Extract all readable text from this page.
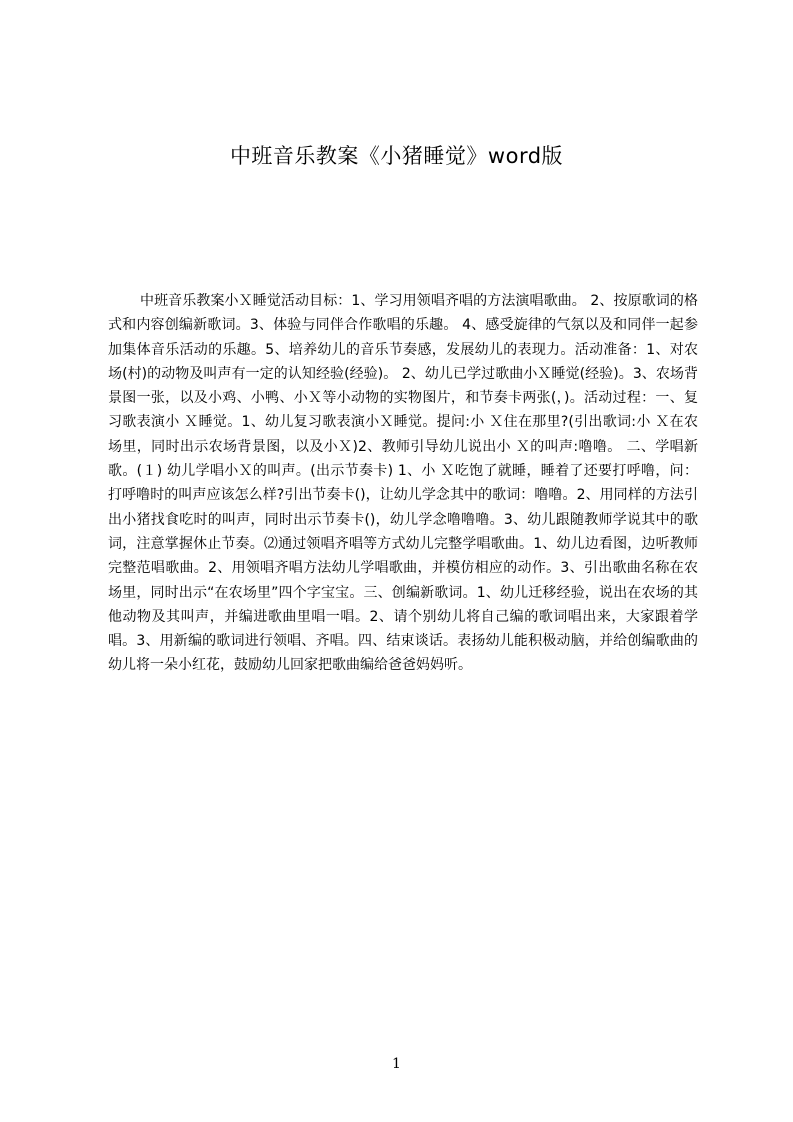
中班音乐教案《小猪睡觉》word版

中班音乐教案小Ｘ睡觉活动目标：1、学习用领唱齐唱的方法演唱歌曲。 2、按原歌词的格式和内容创编新歌词。3、体验与同伴合作歌唱的乐趣。 4、感受旋律的气氛以及和同伴一起参加集体音乐活动的乐趣。5、培养幼儿的音乐节奏感，发展幼儿的表现力。活动准备：1、对农场(村)的动物及叫声有一定的认知经验(经验)。 2、幼儿已学过歌曲小Ｘ睡觉(经验)。3、农场背景图一张，以及小鸡、小鸭、小Ｘ等小动物的实物图片，和节奏卡两张(，)。活动过程：一、复习歌表演小 Ｘ睡觉。1、幼儿复习歌表演小Ｘ睡觉。提问:小 Ｘ住在那里?(引出歌词:小 Ｘ在农场里，同时出示农场背景图，以及小Ｘ)2、教师引导幼儿说出小 Ｘ的叫声:噜噜。 二、学唱新歌。(１) 幼儿学唱小Ｘ的叫声。(出示节奏卡) 1、小 Ｘ吃饱了就睡，睡着了还要打呼噜，问：打呼噜时的叫声应该怎么样?引出节奏卡()，让幼儿学念其中的歌词：噜噜。2、用同样的方法引出小猪找食吃时的叫声，同时出示节奏卡()，幼儿学念噜噜噜。3、幼儿跟随教师学说其中的歌词，注意掌握休止节奏。⑵通过领唱齐唱等方式幼儿完整学唱歌曲。1、幼儿边看图，边听教师完整范唱歌曲。2、用领唱齐唱方法幼儿学唱歌曲，并模仿相应的动作。3、引出歌曲名称在农场里，同时出示“在农场里”四个字宝宝。三、创编新歌词。1、幼儿迁移经验，说出在农场的其他动物及其叫声，并编进歌曲里唱一唱。2、请个别幼儿将自己编的歌词唱出来，大家跟着学唱。3、用新编的歌词进行领唱、齐唱。四、结束谈话。表扬幼儿能积极动脑，并给创编歌曲的幼儿将一朵小红花，鼓励幼儿回家把歌曲编给爸爸妈妈听。

1
